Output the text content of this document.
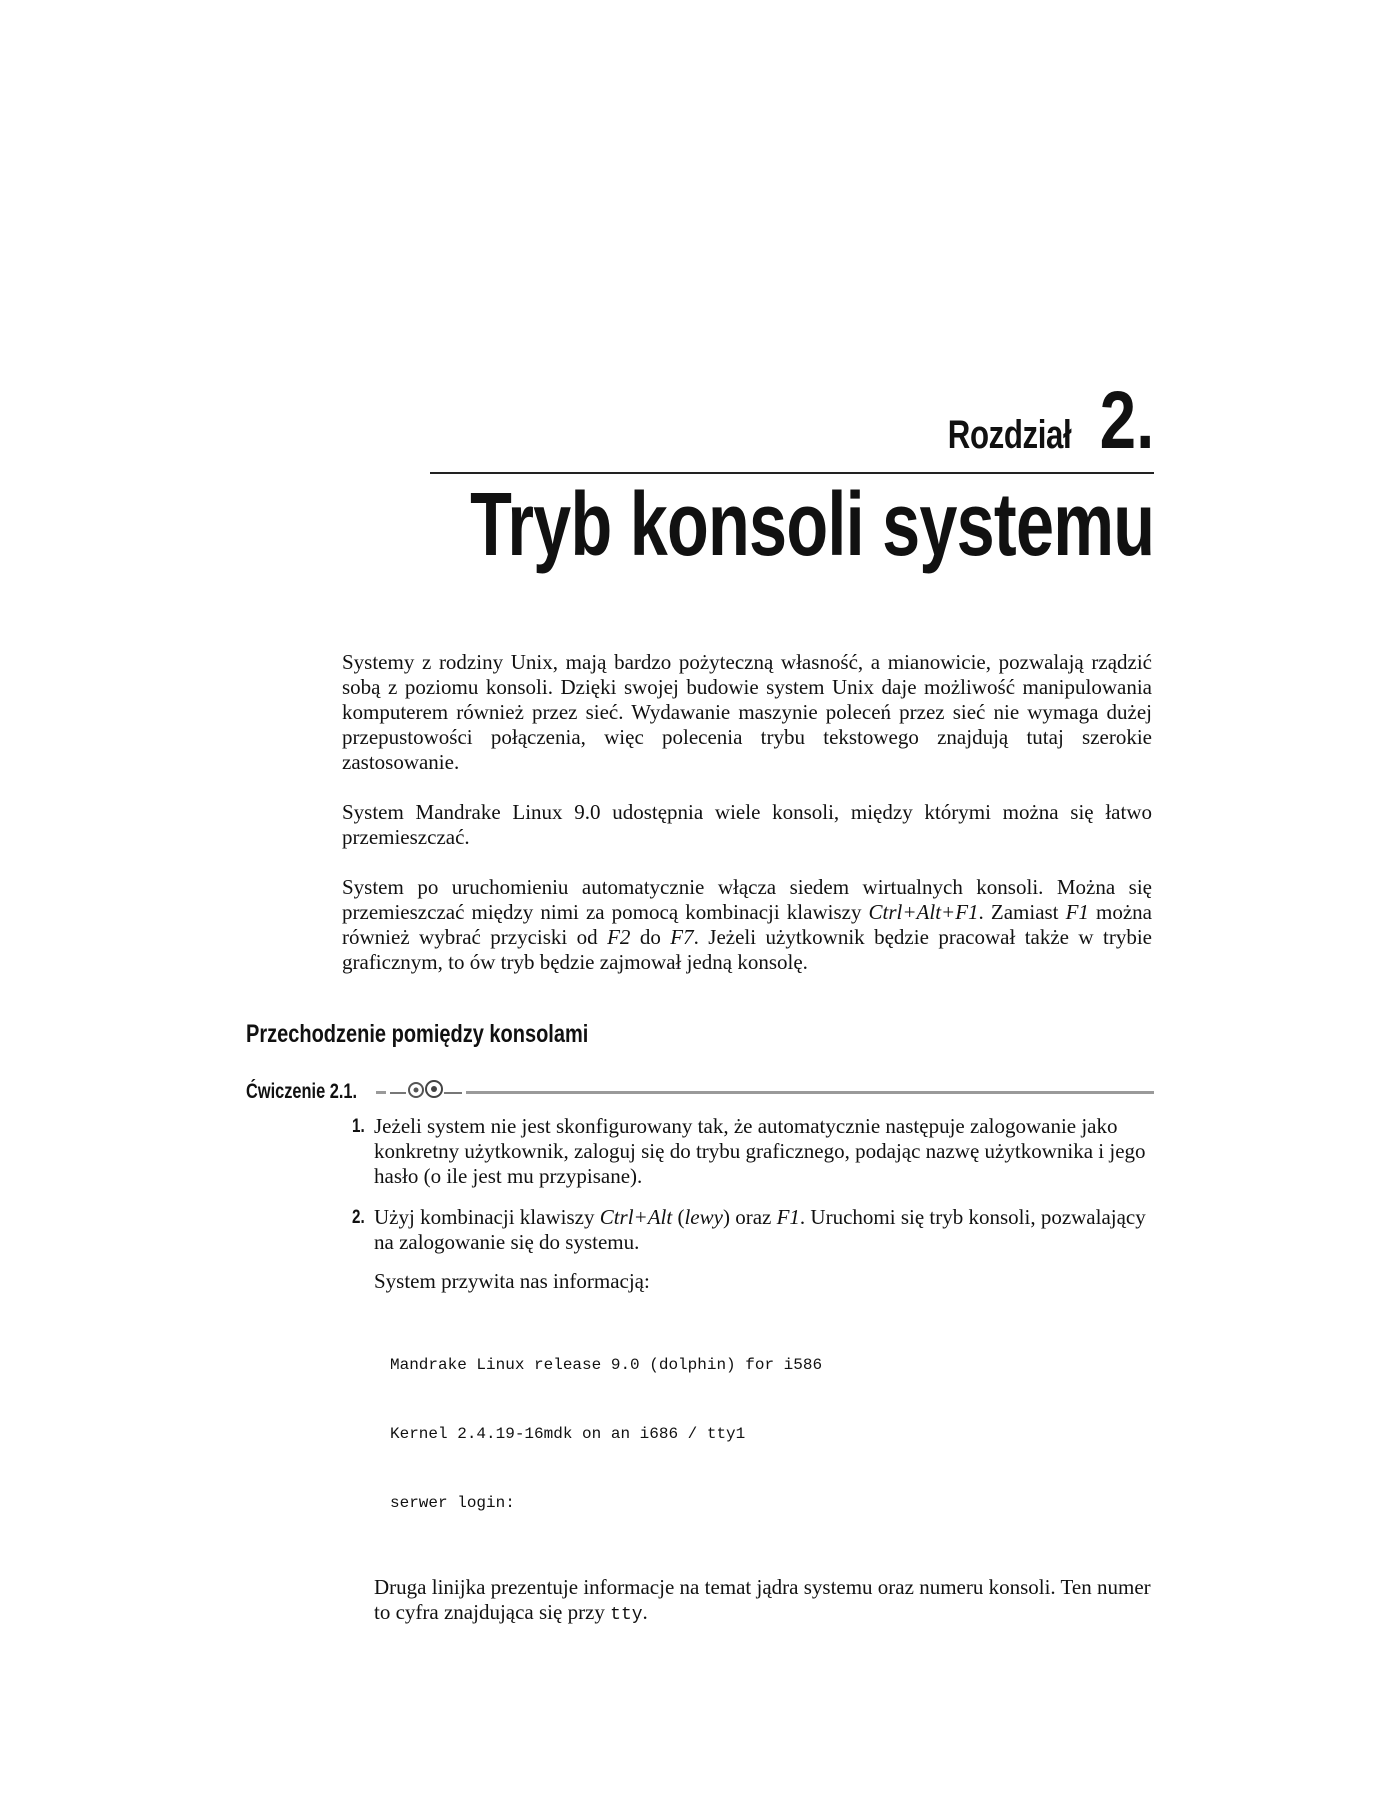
Rozdział 2.
Tryb konsoli systemu

Systemy z rodziny Unix, mają bardzo pożyteczną własność, a mianowicie, pozwalają rządzić sobą z poziomu konsoli. Dzięki swojej budowie system Unix daje możliwość manipulowania komputerem również przez sieć. Wydawanie maszynie poleceń przez sieć nie wymaga dużej przepustowości połączenia, więc polecenia trybu tekstowego znajdują tutaj szerokie zastosowanie.

System Mandrake Linux 9.0 udostępnia wiele konsoli, między którymi można się łatwo przemieszczać.

System po uruchomieniu automatycznie włącza siedem wirtualnych konsoli. Można się przemieszczać między nimi za pomocą kombinacji klawiszy Ctrl+Alt+F1. Zamiast F1 można również wybrać przyciski od F2 do F7. Jeżeli użytkownik będzie pracował także w trybie graficznym, to ów tryb będzie zajmował jedną konsolę.

Przechodzenie pomiędzy konsolami
Ćwiczenie 2.1.
1. Jeżeli system nie jest skonfigurowany tak, że automatycznie następuje zalogowanie jako konkretny użytkownik, zaloguj się do trybu graficznego, podając nazwę użytkownika i jego hasło (o ile jest mu przypisane).

2. Użyj kombinacji klawiszy Ctrl+Alt (lewy) oraz F1. Uruchomi się tryb konsoli, pozwalający na zalogowanie się do systemu.

System przywita nas informacją:

Mandrake Linux release 9.0 (dolphin) for i586

Kernel 2.4.19-16mdk on an i686 / tty1

serwer login:

Druga linijka prezentuje informacje na temat jądra systemu oraz numeru konsoli. Ten numer to cyfra znajdująca się przy tty.
